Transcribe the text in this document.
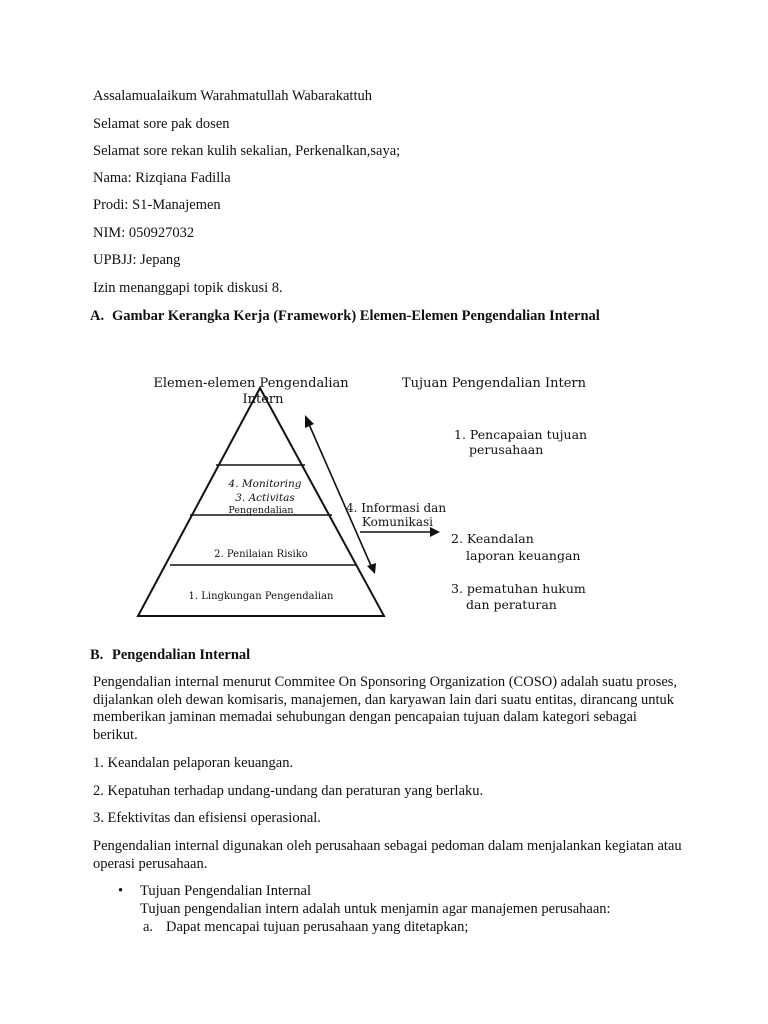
Assalamualaikum Warahmatullah Wabarakattuh
Selamat sore pak dosen
Selamat sore rekan kulih sekalian, Perkenalkan,saya;
Nama: Rizqiana Fadilla
Prodi: S1-Manajemen
NIM: 050927032
UPBJJ: Jepang
Izin menanggapi topik diskusi 8.
A. Gambar Kerangka Kerja (Framework) Elemen-Elemen Pengendalian Internal
Elemen-elemen Pengendalian
Intern
4. Monitoring
3. Activitas
Pengendalian
2. Penilaian Risiko
1. Lingkungan Pengendalian
4. Informasi dan
Komunikasi
Tujuan Pengendalian Intern
1. Pencapaian tujuan
perusahaan
2. Keandalan
laporan keuangan
3. pematuhan hukum
dan peraturan
B. Pengendalian Internal
Pengendalian internal menurut Commitee On Sponsoring Organization (COSO) adalah suatu proses, dijalankan oleh dewan komisaris, manajemen, dan karyawan lain dari suatu entitas, dirancang untuk memberikan jaminan memadai sehubungan dengan pencapaian tujuan dalam kategori sebagai berikut.
1. Keandalan pelaporan keuangan.
2. Kepatuhan terhadap undang-undang dan peraturan yang berlaku.
3. Efektivitas dan efisiensi operasional.
Pengendalian internal digunakan oleh perusahaan sebagai pedoman dalam menjalankan kegiatan atau operasi perusahaan.
• Tujuan Pengendalian Internal
Tujuan pengendalian intern adalah untuk menjamin agar manajemen perusahaan:
a. Dapat mencapai tujuan perusahaan yang ditetapkan;
